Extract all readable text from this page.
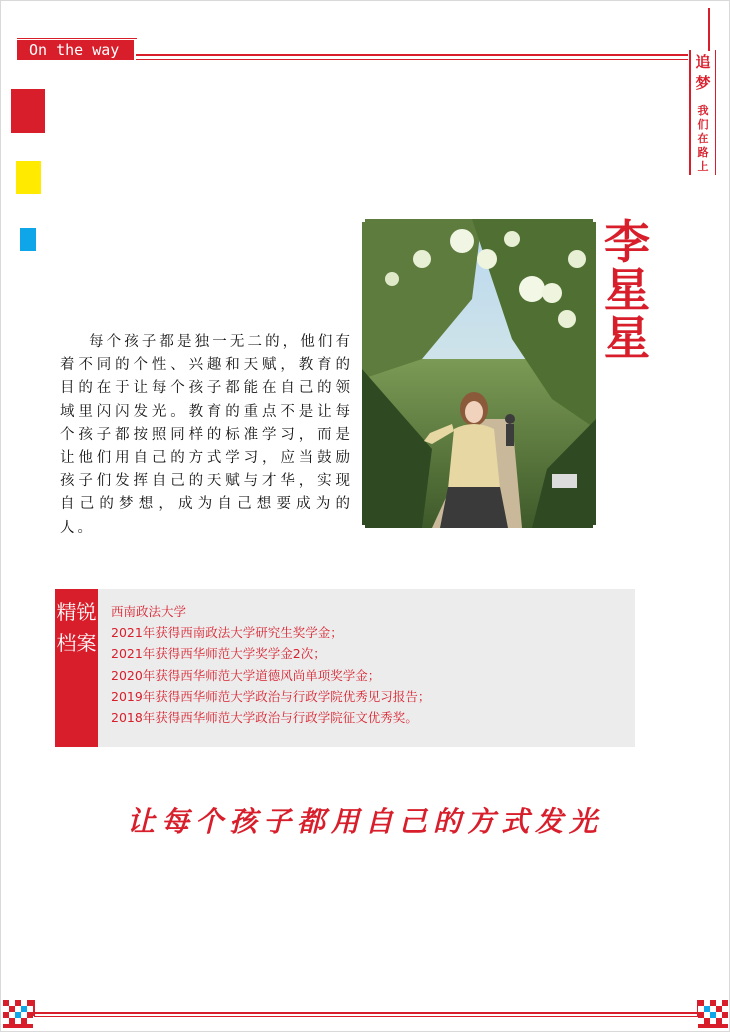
On the way
追梦
我们在路上
李星星

每个孩子都是独一无二的，他们有着不同的个性、兴趣和天赋，教育的目的在于让每个孩子都能在自己的领域里闪闪发光。教育的重点不是让每个孩子都按照同样的标准学习，而是让他们用自己的方式学习，应当鼓励孩子们发挥自己的天赋与才华，实现自己的梦想，成为自己想要成为的人。

精锐档案
西南政法大学
2021年获得西南政法大学研究生奖学金；
2021年获得西华师范大学奖学金2次；
2020年获得西华师范大学道德风尚单项奖学金；
2019年获得西华师范大学政治与行政学院优秀见习报告；
2018年获得西华师范大学政治与行政学院征文优秀奖。
让每个孩子都用自己的方式发光
